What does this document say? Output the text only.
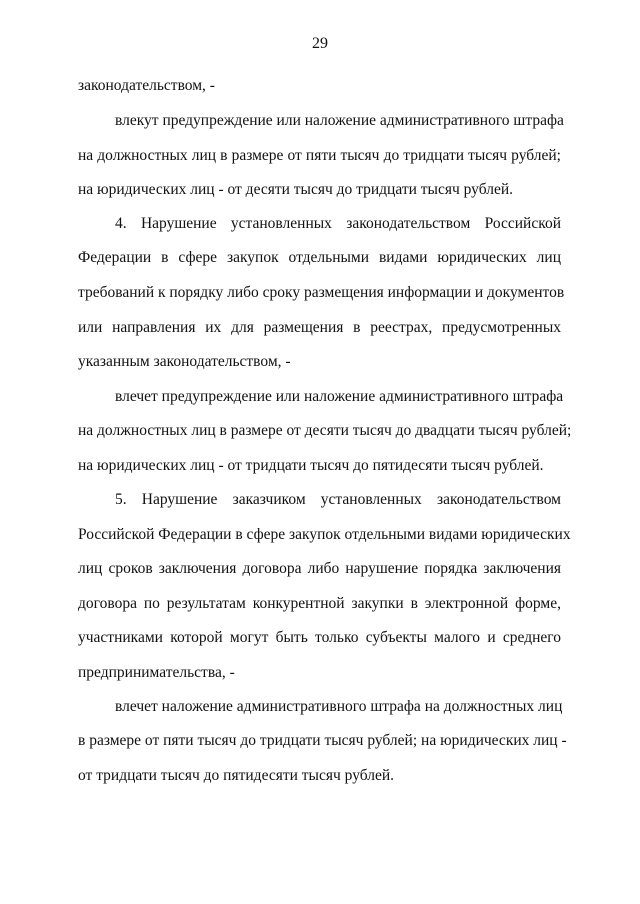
29
законодательством, -
влекут предупреждение или наложение административного штрафа
на должностных лиц в размере от пяти тысяч до тридцати тысяч рублей;
на юридических лиц - от десяти тысяч до тридцати тысяч рублей.
4. Нарушение установленных законодательством Российской
Федерации в сфере закупок отдельными видами юридических лиц
требований к порядку либо сроку размещения информации и документов
или направления их для размещения в реестрах, предусмотренных
указанным законодательством, -
влечет предупреждение или наложение административного штрафа
на должностных лиц в размере от десяти тысяч до двадцати тысяч рублей;
на юридических лиц - от тридцати тысяч до пятидесяти тысяч рублей.
5. Нарушение заказчиком установленных законодательством
Российской Федерации в сфере закупок отдельными видами юридических
лиц сроков заключения договора либо нарушение порядка заключения
договора по результатам конкурентной закупки в электронной форме,
участниками которой могут быть только субъекты малого и среднего
предпринимательства, -
влечет наложение административного штрафа на должностных лиц
в размере от пяти тысяч до тридцати тысяч рублей; на юридических лиц -
от тридцати тысяч до пятидесяти тысяч рублей.
